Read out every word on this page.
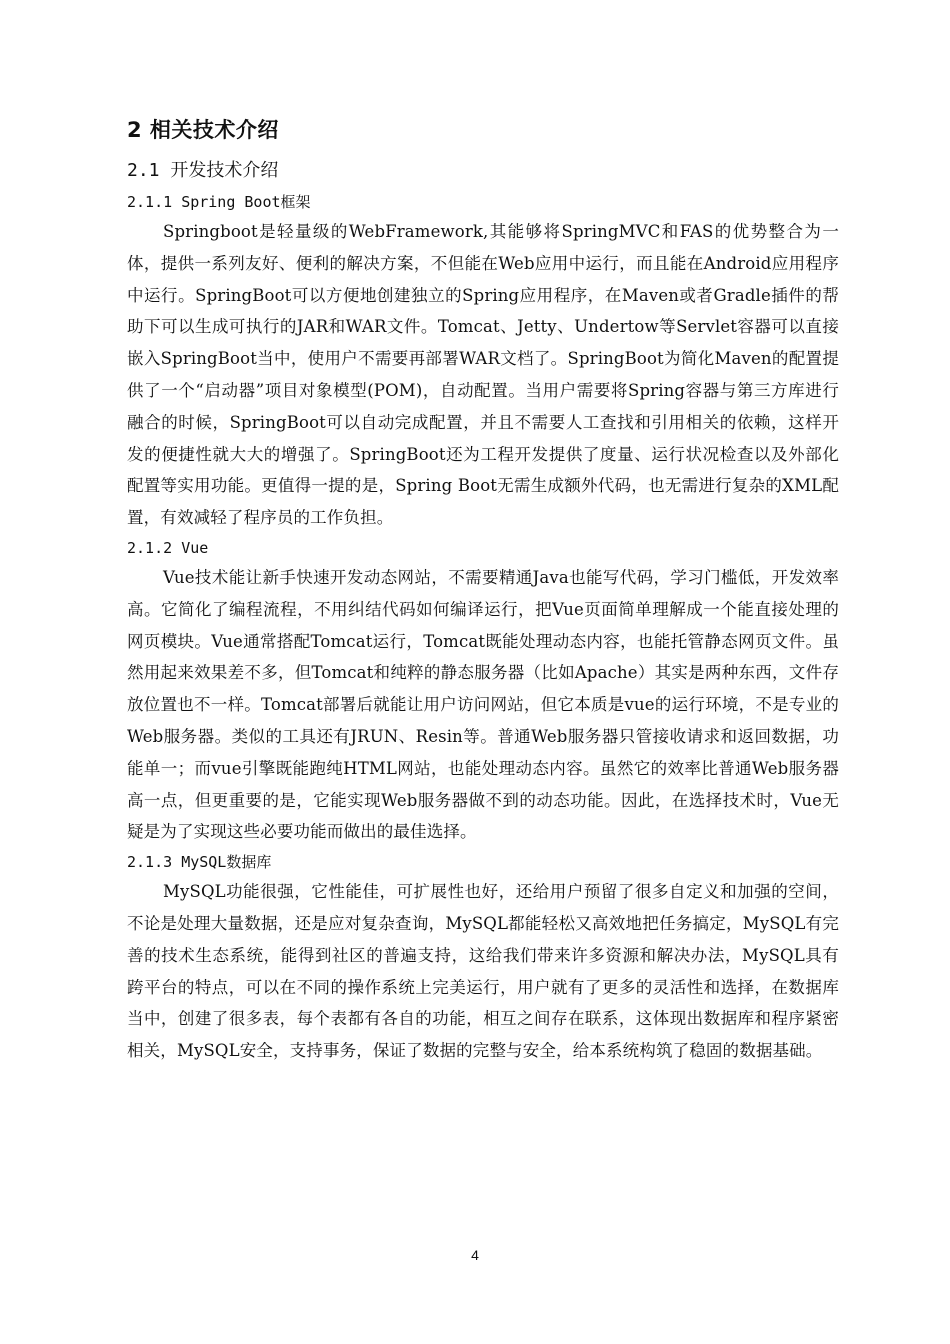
2 相关技术介绍
2.1 开发技术介绍
2.1.1 Spring Boot框架

Springboot是轻量级的WebFramework,其能够将SpringMVC和FAS的优势整合为一体，提供一系列友好、便利的解决方案，不但能在Web应用中运行，而且能在Android应用程序中运行。SpringBoot可以方便地创建独立的Spring应用程序，在Maven或者Gradle插件的帮助下可以生成可执行的JAR和WAR文件。Tomcat、Jetty、Undertow等Servlet容器可以直接嵌入SpringBoot当中，使用户不需要再部署WAR文档了。SpringBoot为简化Maven的配置提供了一个“启动器”项目对象模型(POM)，自动配置。当用户需要将Spring容器与第三方库进行融合的时候，SpringBoot可以自动完成配置，并且不需要人工查找和引用相关的依赖，这样开发的便捷性就大大的增强了。SpringBoot还为工程开发提供了度量、运行状况检查以及外部化配置等实用功能。更值得一提的是，Spring Boot无需生成额外代码，也无需进行复杂的XML配置，有效减轻了程序员的工作负担。

2.1.2 Vue

Vue技术能让新手快速开发动态网站，不需要精通Java也能写代码，学习门槛低，开发效率高。它简化了编程流程，不用纠结代码如何编译运行，把Vue页面简单理解成一个能直接处理的网页模块。Vue通常搭配Tomcat运行，Tomcat既能处理动态内容，也能托管静态网页文件。虽然用起来效果差不多，但Tomcat和纯粹的静态服务器（比如Apache）其实是两种东西，文件存放位置也不一样。Tomcat部署后就能让用户访问网站，但它本质是vue的运行环境，不是专业的Web服务器。类似的工具还有JRUN、Resin等。普通Web服务器只管接收请求和返回数据，功能单一；而vue引擎既能跑纯HTML网站，也能处理动态内容。虽然它的效率比普通Web服务器高一点，但更重要的是，它能实现Web服务器做不到的动态功能。因此，在选择技术时，Vue无疑是为了实现这些必要功能而做出的最佳选择。

2.1.3 MySQL数据库

MySQL功能很强，它性能佳，可扩展性也好，还给用户预留了很多自定义和加强的空间，不论是处理大量数据，还是应对复杂查询，MySQL都能轻松又高效地把任务搞定，MySQL有完善的技术生态系统，能得到社区的普遍支持，这给我们带来许多资源和解决办法，MySQL具有跨平台的特点，可以在不同的操作系统上完美运行，用户就有了更多的灵活性和选择，在数据库当中，创建了很多表，每个表都有各自的功能，相互之间存在联系，这体现出数据库和程序紧密相关，MySQL安全，支持事务，保证了数据的完整与安全，给本系统构筑了稳固的数据基础。

4
